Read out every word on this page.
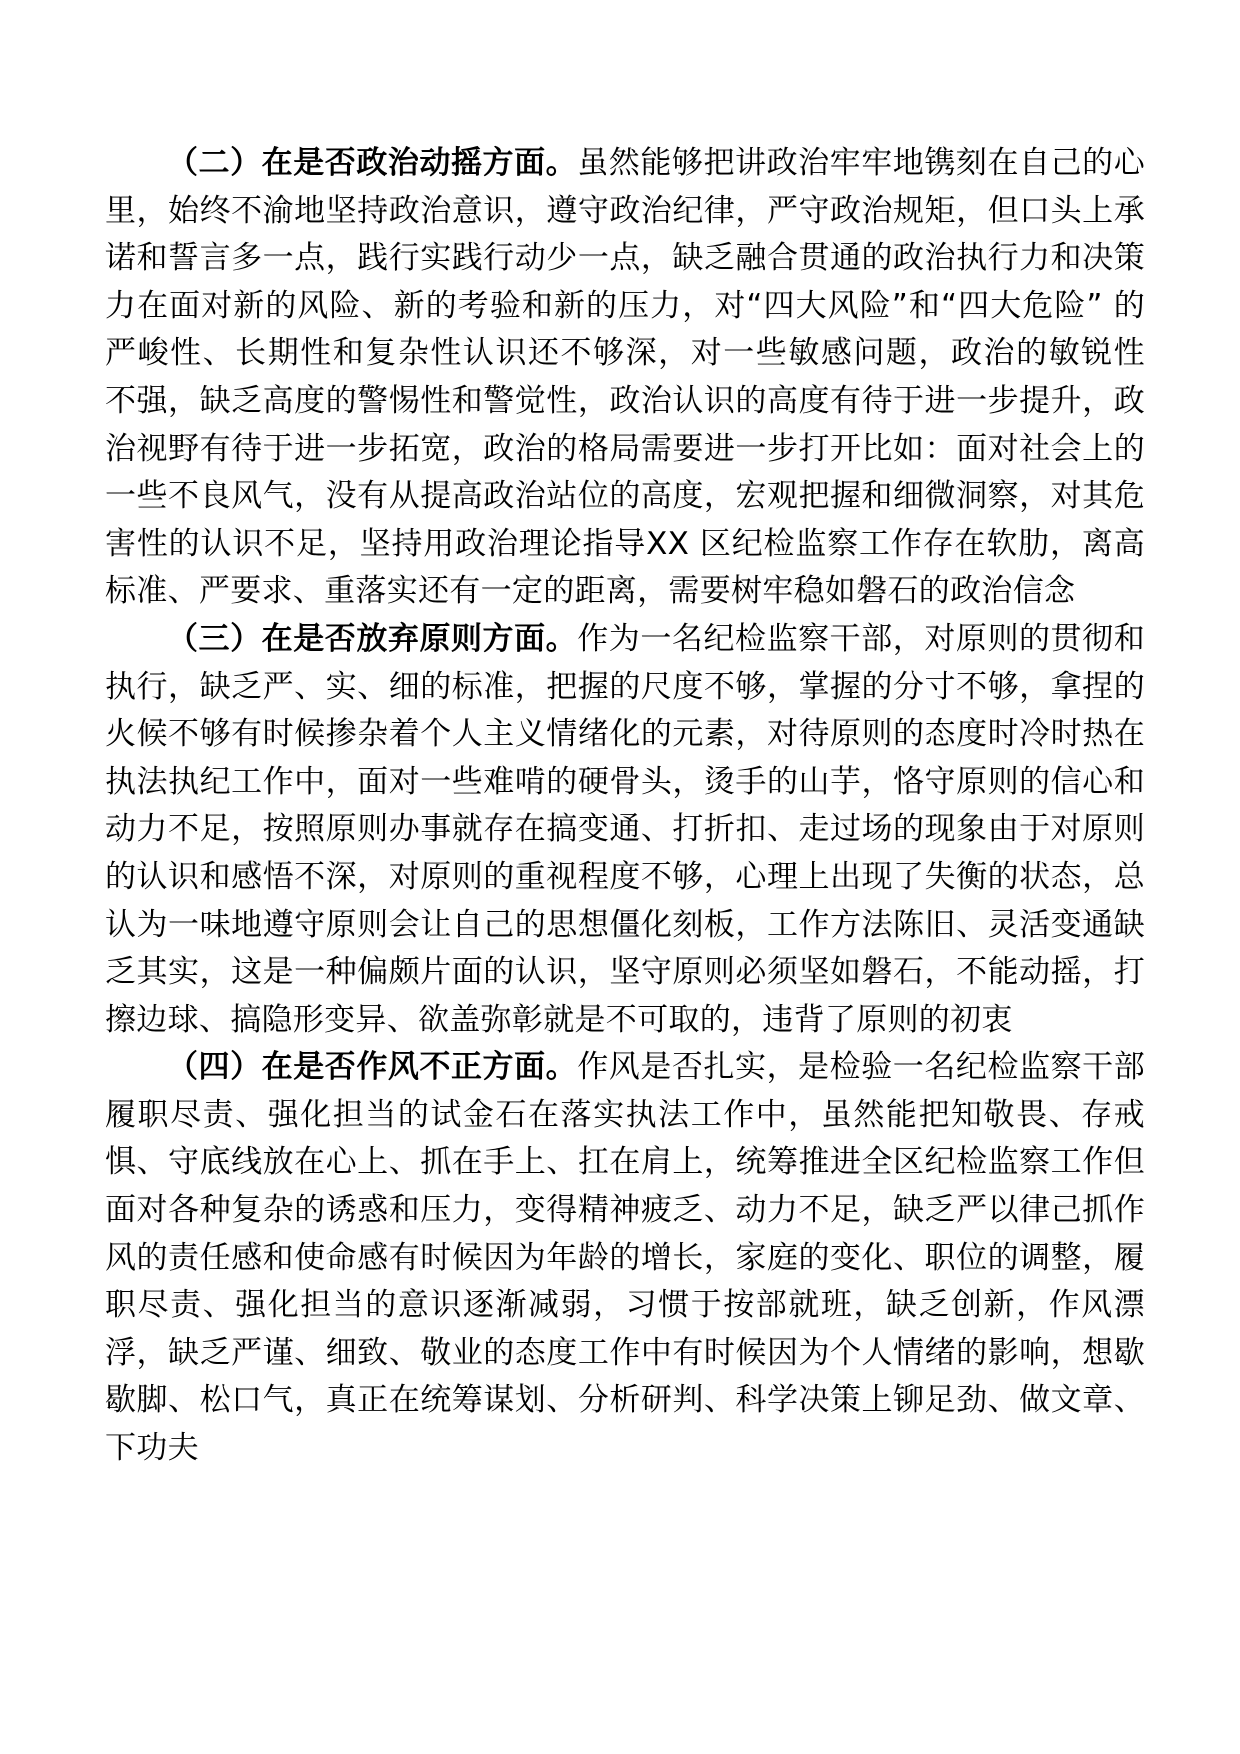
（二）在是否政治动摇方面。虽然能够把讲政治牢牢地镌刻在自己的心里，始终不渝地坚持政治意识，遵守政治纪律，严守政治规矩，但口头上承诺和誓言多一点，践行实践行动少一点，缺乏融合贯通的政治执行力和决策力在面对新的风险、新的考验和新的压力，对“四大风险”和“四大危险” 的严峻性、长期性和复杂性认识还不够深，对一些敏感问题，政治的敏锐性 不强，缺乏高度的警惕性和警觉性，政治认识的高度有待于进一步提升，政 治视野有待于进一步拓宽，政治的格局需要进一步打开比如：面对社会上的一些不良风气，没有从提高政治站位的高度，宏观把握和细微洞察，对其危害性的认识不足，坚持用政治理论指导XX 区纪检监察工作存在软肋，离高标准、严要求、重落实还有一定的距离，需要树牢稳如磐石的政治信念

（三）在是否放弃原则方面。作为一名纪检监察干部，对原则的贯彻和执行，缺乏严、实、细的标准，把握的尺度不够，掌握的分寸不够，拿捏的火候不够有时候掺杂着个人主义情绪化的元素，对待原则的态度时冷时热在执法执纪工作中，面对一些难啃的硬骨头，烫手的山芋，恪守原则的信心和动力不足，按照原则办事就存在搞变通、打折扣、走过场的现象由于对原则的认识和感悟不深，对原则的重视程度不够，心理上出现了失衡的状态，总认为一味地遵守原则会让自己的思想僵化刻板，工作方法陈旧、灵活变通缺乏其实，这是一种偏颇片面的认识，坚守原则必须坚如磐石，不能动摇，打擦边球、搞隐形变异、欲盖弥彰就是不可取的，违背了原则的初衷

（四）在是否作风不正方面。作风是否扎实，是检验一名纪检监察干部履职尽责、强化担当的试金石在落实执法工作中，虽然能把知敬畏、存戒惧、守底线放在心上、抓在手上、扛在肩上，统筹推进全区纪检监察工作但面对各种复杂的诱惑和压力，变得精神疲乏、动力不足，缺乏严以律己抓作风的责任感和使命感有时候因为年龄的增长，家庭的变化、职位的调整，履职尽责、强化担当的意识逐渐减弱，习惯于按部就班，缺乏创新，作风漂浮，缺乏严谨、细致、敬业的态度工作中有时候因为个人情绪的影响，想歇歇脚、松口气，真正在统筹谋划、分析研判、科学决策上铆足劲、做文章、下功夫
